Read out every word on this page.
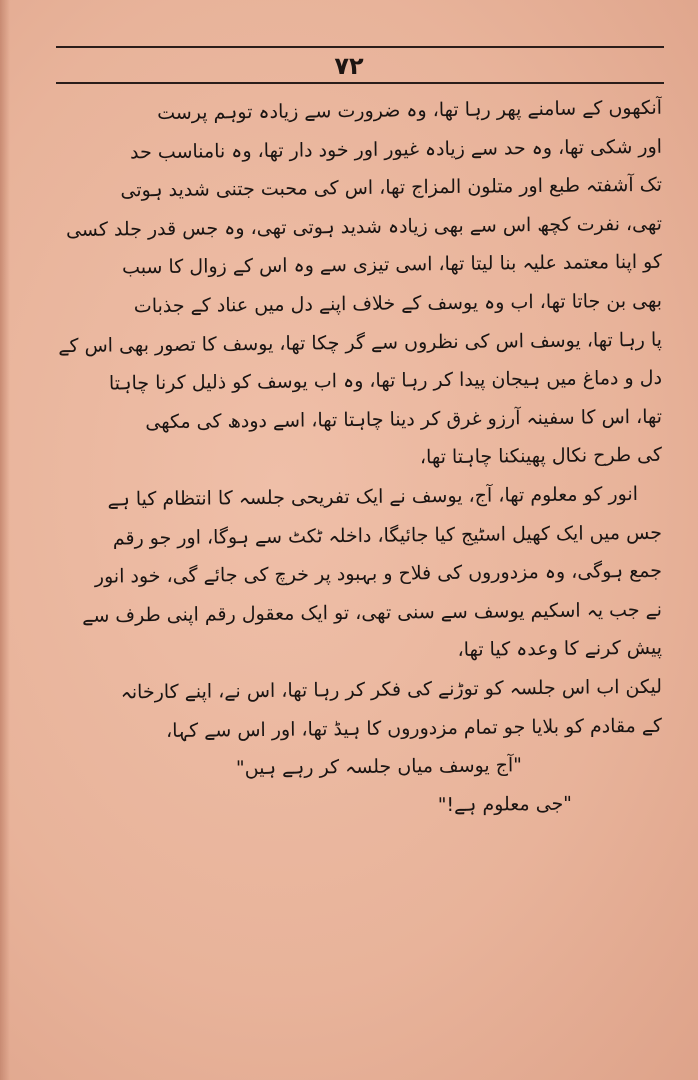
۷۲
آنکھوں کے سامنے پھر رہا تھا، وہ ضرورت سے زیادہ توہم پرست
اور شکی تھا، وہ حد سے زیادہ غیور اور خود دار تھا، وہ نامناسب حد
تک آشفتہ طبع اور متلون المزاج تھا، اس کی محبت جتنی شدید ہوتی
تھی، نفرت کچھ اس سے بھی زیادہ شدید ہوتی تھی، وہ جس قدر جلد کسی
کو اپنا معتمد علیہ بنا لیتا تھا، اسی تیزی سے وہ اس کے زوال کا سبب
بھی بن جاتا تھا، اب وہ یوسف کے خلاف اپنے دل میں عناد کے جذبات
پا رہا تھا، یوسف اس کی نظروں سے گر چکا تھا، یوسف کا تصور بھی اس کے
دل و دماغ میں ہیجان پیدا کر رہا تھا، وہ اب یوسف کو ذلیل کرنا چاہتا
تھا، اس کا سفینہ آرزو غرق کر دینا چاہتا تھا، اسے دودھ کی مکھی
کی طرح نکال پھینکنا چاہتا تھا،
انور کو معلوم تھا، آج، یوسف نے ایک تفریحی جلسہ کا انتظام کیا ہے
جس میں ایک کھیل اسٹیج کیا جائیگا، داخلہ ٹکٹ سے ہوگا، اور جو رقم
جمع ہوگی، وہ مزدوروں کی فلاح و بہبود پر خرچ کی جائے گی، خود انور
نے جب یہ اسکیم یوسف سے سنی تھی، تو ایک معقول رقم اپنی طرف سے
پیش کرنے کا وعدہ کیا تھا،
لیکن اب اس جلسہ کو توڑنے کی فکر کر رہا تھا، اس نے، اپنے کارخانہ
کے مقادم کو بلایا جو تمام مزدوروں کا ہیڈ تھا، اور اس سے کہا،
"آج یوسف میاں جلسہ کر رہے ہیں"
"جی معلوم ہے!"
